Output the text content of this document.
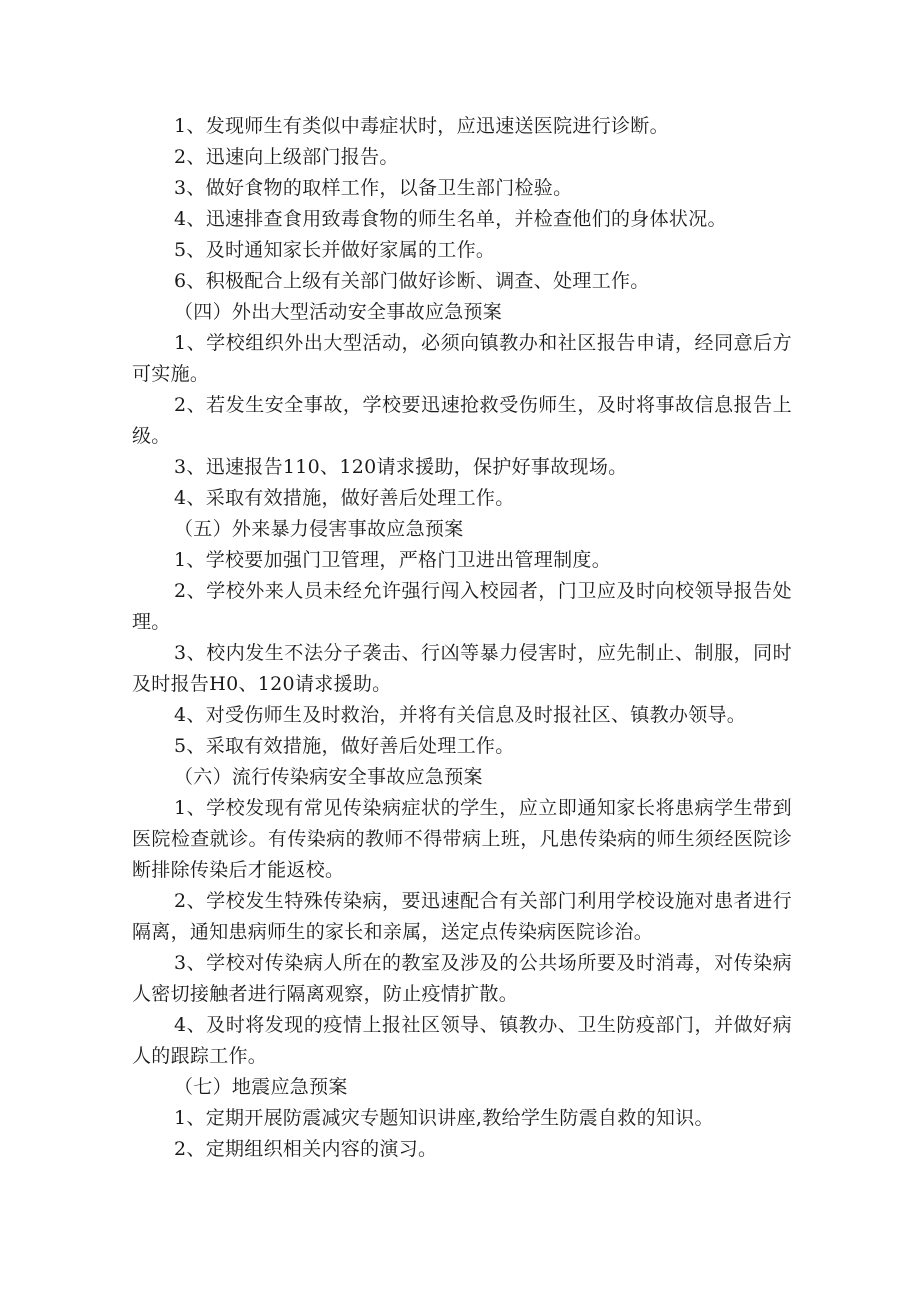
1、发现师生有类似中毒症状时，应迅速送医院进行诊断。

2、迅速向上级部门报告。

3、做好食物的取样工作，以备卫生部门检验。

4、迅速排查食用致毒食物的师生名单，并检查他们的身体状况。

5、及时通知家长并做好家属的工作。

6、积极配合上级有关部门做好诊断、调查、处理工作。

（四）外出大型活动安全事故应急预案

1、学校组织外出大型活动，必须向镇教办和社区报告申请，经同意后方可实施。

2、若发生安全事故，学校要迅速抢救受伤师生，及时将事故信息报告上级。

3、迅速报告110、120请求援助，保护好事故现场。

4、采取有效措施，做好善后处理工作。

（五）外来暴力侵害事故应急预案

1、学校要加强门卫管理，严格门卫进出管理制度。

2、学校外来人员未经允许强行闯入校园者，门卫应及时向校领导报告处理。

3、校内发生不法分子袭击、行凶等暴力侵害时，应先制止、制服，同时及时报告H0、120请求援助。

4、对受伤师生及时救治，并将有关信息及时报社区、镇教办领导。

5、采取有效措施，做好善后处理工作。

（六）流行传染病安全事故应急预案

1、学校发现有常见传染病症状的学生，应立即通知家长将患病学生带到医院检查就诊。有传染病的教师不得带病上班，凡患传染病的师生须经医院诊断排除传染后才能返校。

2、学校发生特殊传染病，要迅速配合有关部门利用学校设施对患者进行隔离，通知患病师生的家长和亲属，送定点传染病医院诊治。

3、学校对传染病人所在的教室及涉及的公共场所要及时消毒，对传染病人密切接触者进行隔离观察，防止疫情扩散。

4、及时将发现的疫情上报社区领导、镇教办、卫生防疫部门，并做好病人的跟踪工作。

（七）地震应急预案

1、定期开展防震减灾专题知识讲座,教给学生防震自救的知识。

2、定期组织相关内容的演习。
